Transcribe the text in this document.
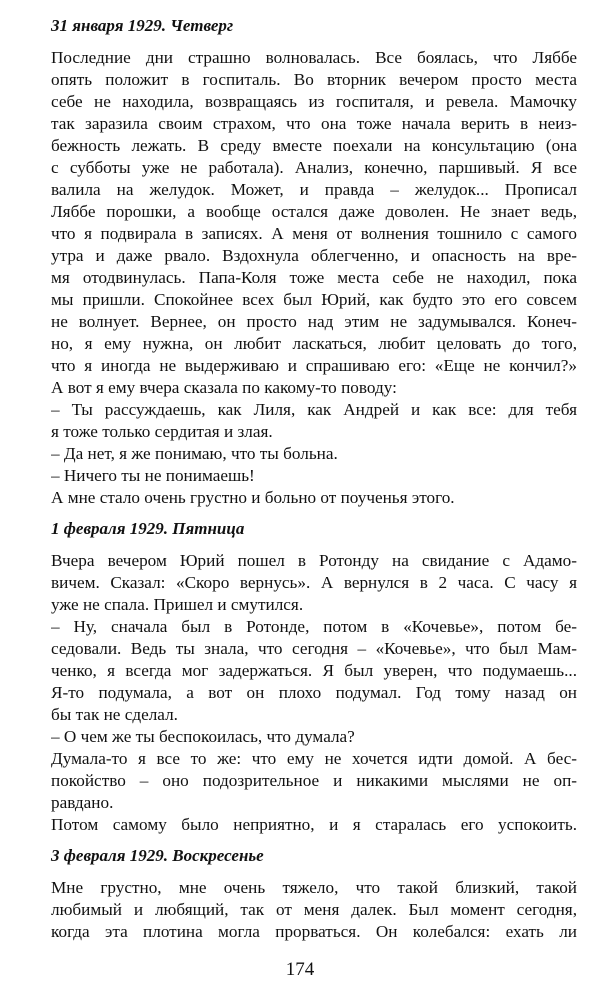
31 января 1929. Четверг
Последние дни страшно волновалась. Все боялась, что Ляббе
опять положит в госпиталь. Во вторник вечером просто места
себе не находила, возвращаясь из госпиталя, и ревела. Мамочку
так заразила своим страхом, что она тоже начала верить в неиз-
бежность лежать. В среду вместе поехали на консультацию (она
с субботы уже не работала). Анализ, конечно, паршивый. Я все
валила на желудок. Может, и правда – желудок... Прописал
Ляббе порошки, а вообще остался даже доволен. Не знает ведь,
что я подвирала в записях. А меня от волнения тошнило с самого
утра и даже рвало. Вздохнула облегченно, и опасность на вре-
мя отодвинулась. Папа-Коля тоже места себе не находил, пока
мы пришли. Спокойнее всех был Юрий, как будто это его совсем
не волнует. Вернее, он просто над этим не задумывался. Конеч-
но, я ему нужна, он любит ласкаться, любит целовать до того,
что я иногда не выдерживаю и спрашиваю его: «Еще не кончил?»
А вот я ему вчера сказала по какому-то поводу:
– Ты рассуждаешь, как Лиля, как Андрей и как все: для тебя
я тоже только сердитая и злая.
– Да нет, я же понимаю, что ты больна.
– Ничего ты не понимаешь!
А мне стало очень грустно и больно от поученья этого.
1 февраля 1929. Пятница
Вчера вечером Юрий пошел в Ротонду на свидание с Адамо-
вичем. Сказал: «Скоро вернусь». А вернулся в 2 часа. С часу я
уже не спала. Пришел и смутился.
– Ну, сначала был в Ротонде, потом в «Кочевье», потом бе-
седовали. Ведь ты знала, что сегодня – «Кочевье», что был Мам-
ченко, я всегда мог задержаться. Я был уверен, что подумаешь...
Я-то подумала, а вот он плохо подумал. Год тому назад он
бы так не сделал.
– О чем же ты беспокоилась, что думала?
Думала-то я все то же: что ему не хочется идти домой. А бес-
покойство – оно подозрительное и никакими мыслями не оп-
равдано.
Потом самому было неприятно, и я старалась его успокоить.
3 февраля 1929. Воскресенье
Мне грустно, мне очень тяжело, что такой близкий, такой
любимый и любящий, так от меня далек. Был момент сегодня,
когда эта плотина могла прорваться. Он колебался: ехать ли
174
